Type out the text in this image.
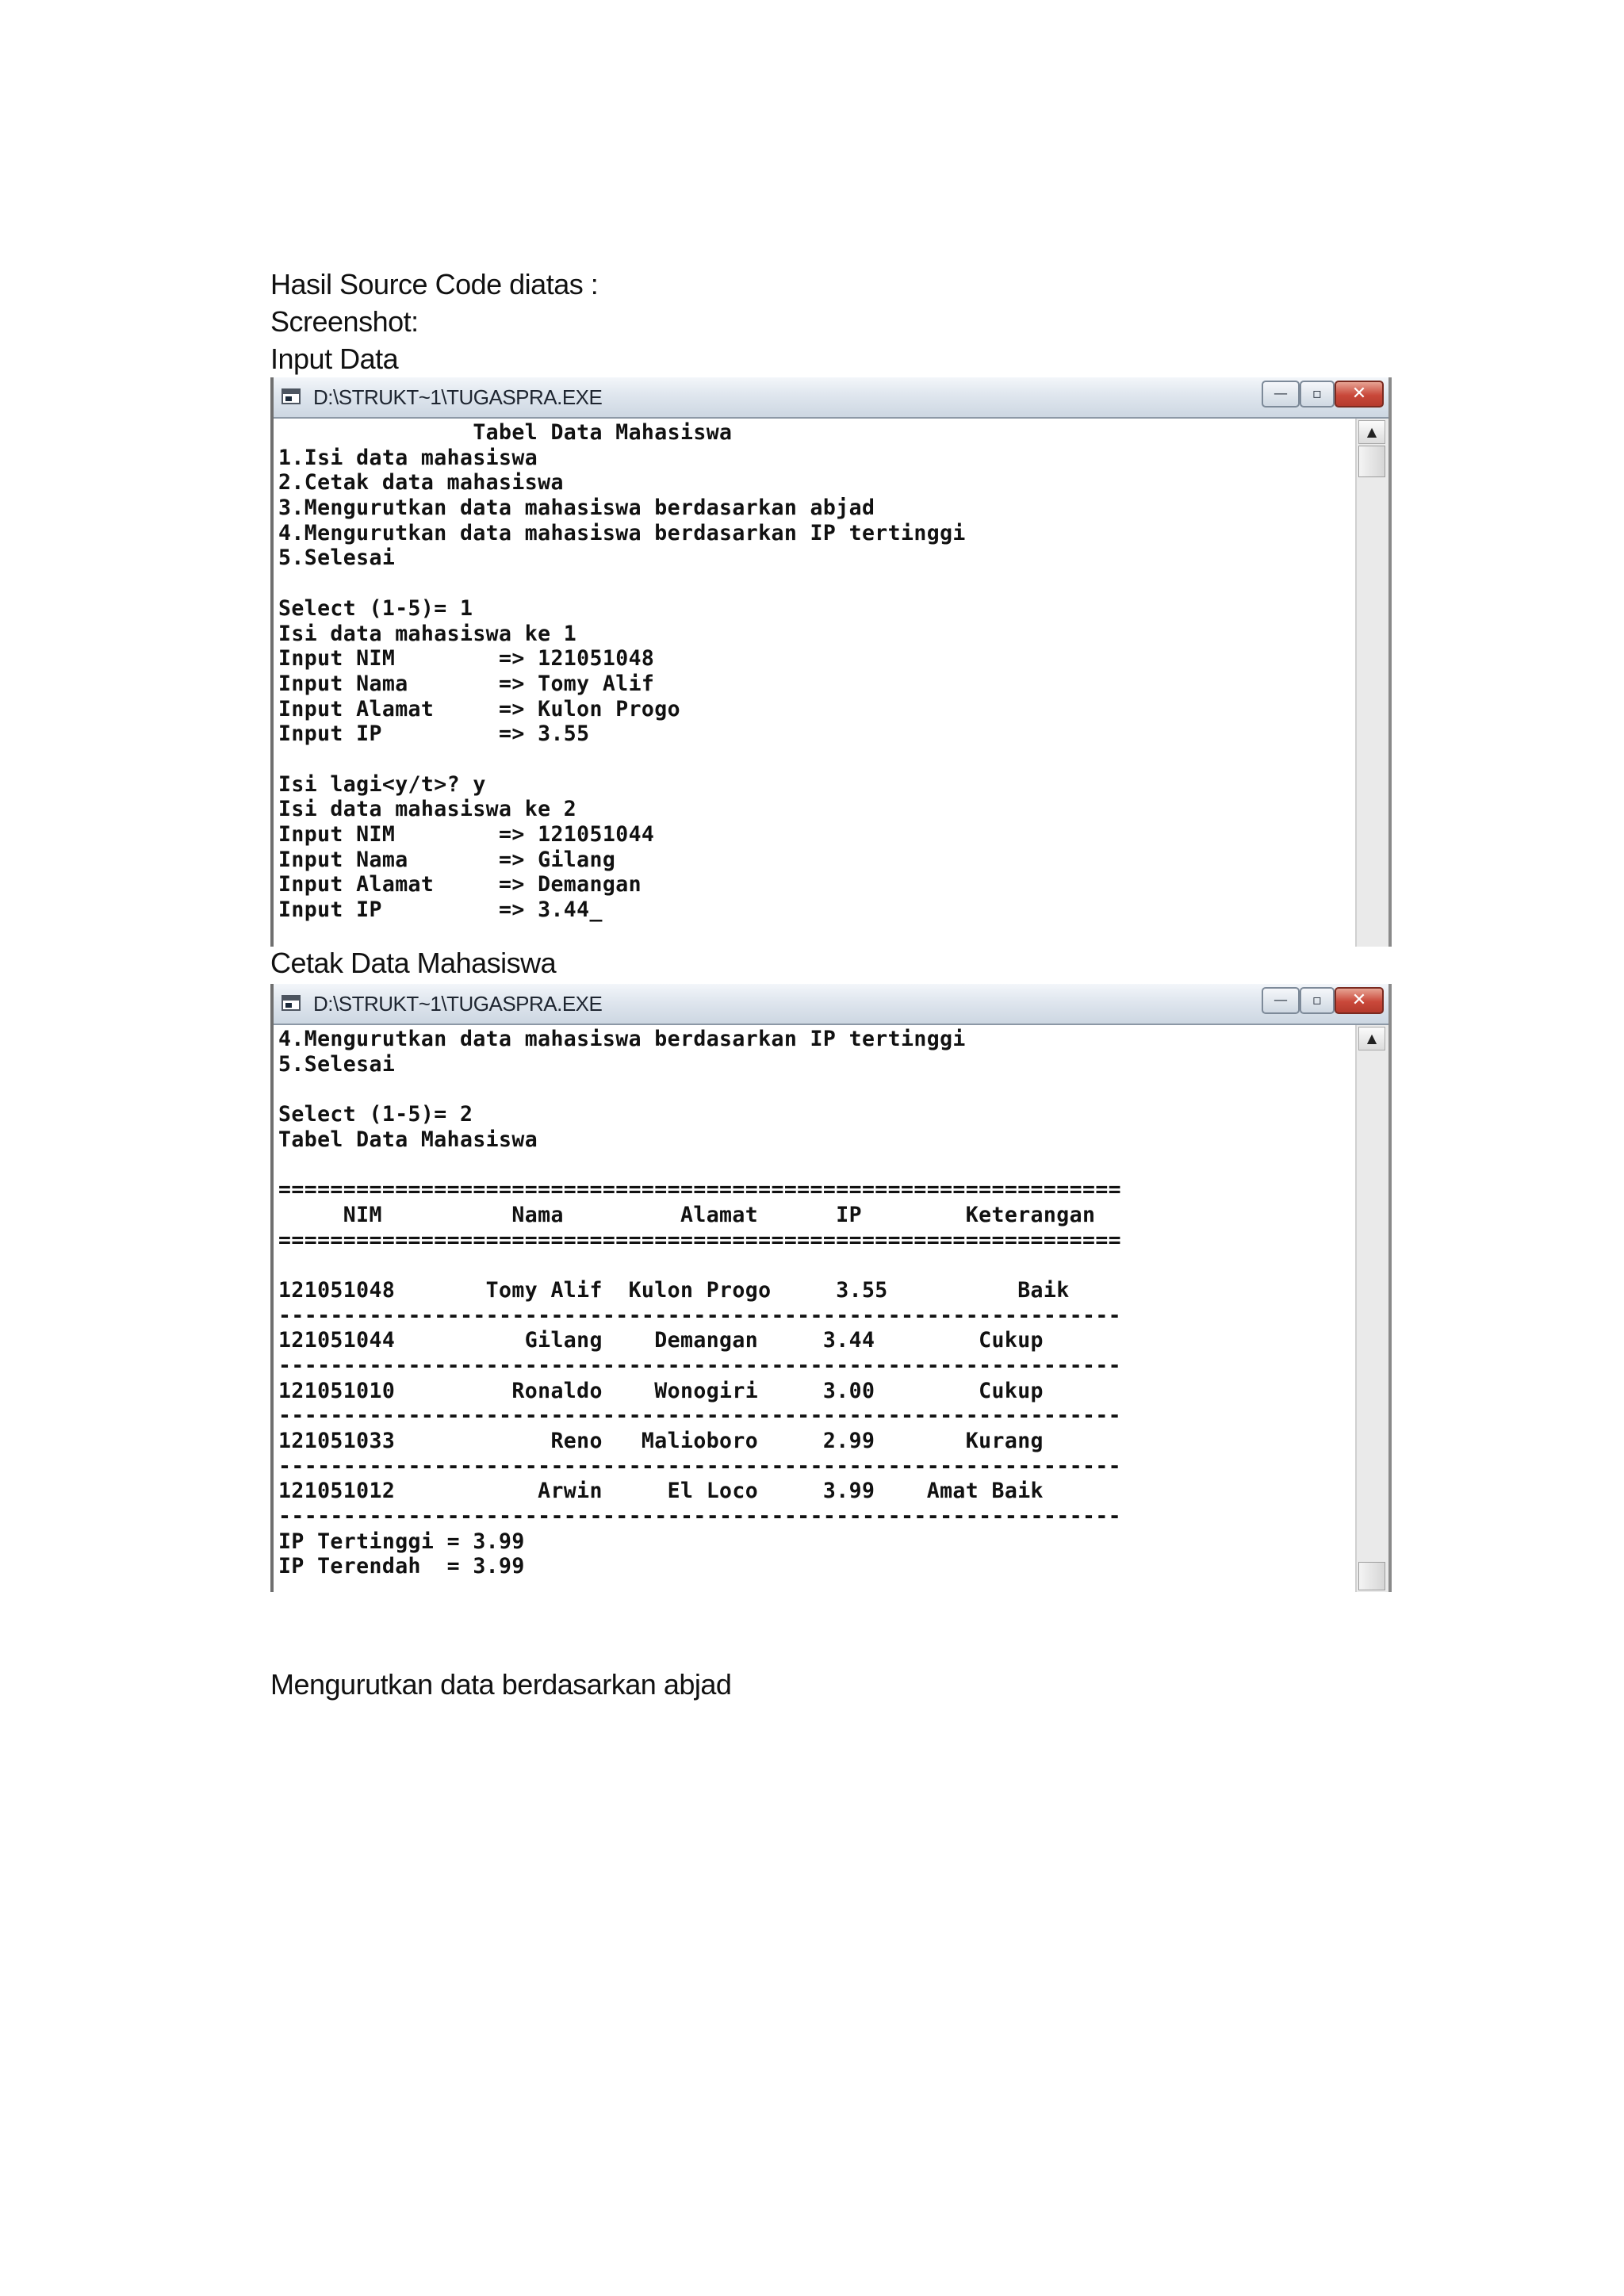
Hasil Source Code diatas :
Screenshot:
Input Data
D:\STRUKT~1\TUGASPRA.EXE	—	▫	✕
Tabel Data Mahasiswa
1.Isi data mahasiswa
2.Cetak data mahasiswa
3.Mengurutkan data mahasiswa berdasarkan abjad
4.Mengurutkan data mahasiswa berdasarkan IP tertinggi
5.Selesai
Select (1-5)= 1
Isi data mahasiswa ke 1
Input NIM        => 121051048
Input Nama       => Tomy Alif
Input Alamat     => Kulon Progo
Input IP         => 3.55
Isi lagi<y/t>? y
Isi data mahasiswa ke 2
Input NIM        => 121051044
Input Nama       => Gilang
Input Alamat     => Demangan
Input IP         => 3.44_
▲
Cetak Data Mahasiswa
D:\STRUKT~1\TUGASPRA.EXE	—	▫	✕
4.Mengurutkan data mahasiswa berdasarkan IP tertinggi
5.Selesai
Select (1-5)= 2
Tabel Data Mahasiswa
=================================================================
NIM          Nama         Alamat      IP        Keterangan
=================================================================
121051048       Tomy Alif  Kulon Progo     3.55          Baik
-----------------------------------------------------------------
121051044          Gilang    Demangan     3.44        Cukup
-----------------------------------------------------------------
121051010         Ronaldo    Wonogiri     3.00        Cukup
-----------------------------------------------------------------
121051033            Reno   Malioboro     2.99       Kurang
-----------------------------------------------------------------
121051012           Arwin     El Loco     3.99    Amat Baik
-----------------------------------------------------------------
IP Tertinggi = 3.99
IP Terendah  = 3.99
▲
Mengurutkan data berdasarkan abjad
